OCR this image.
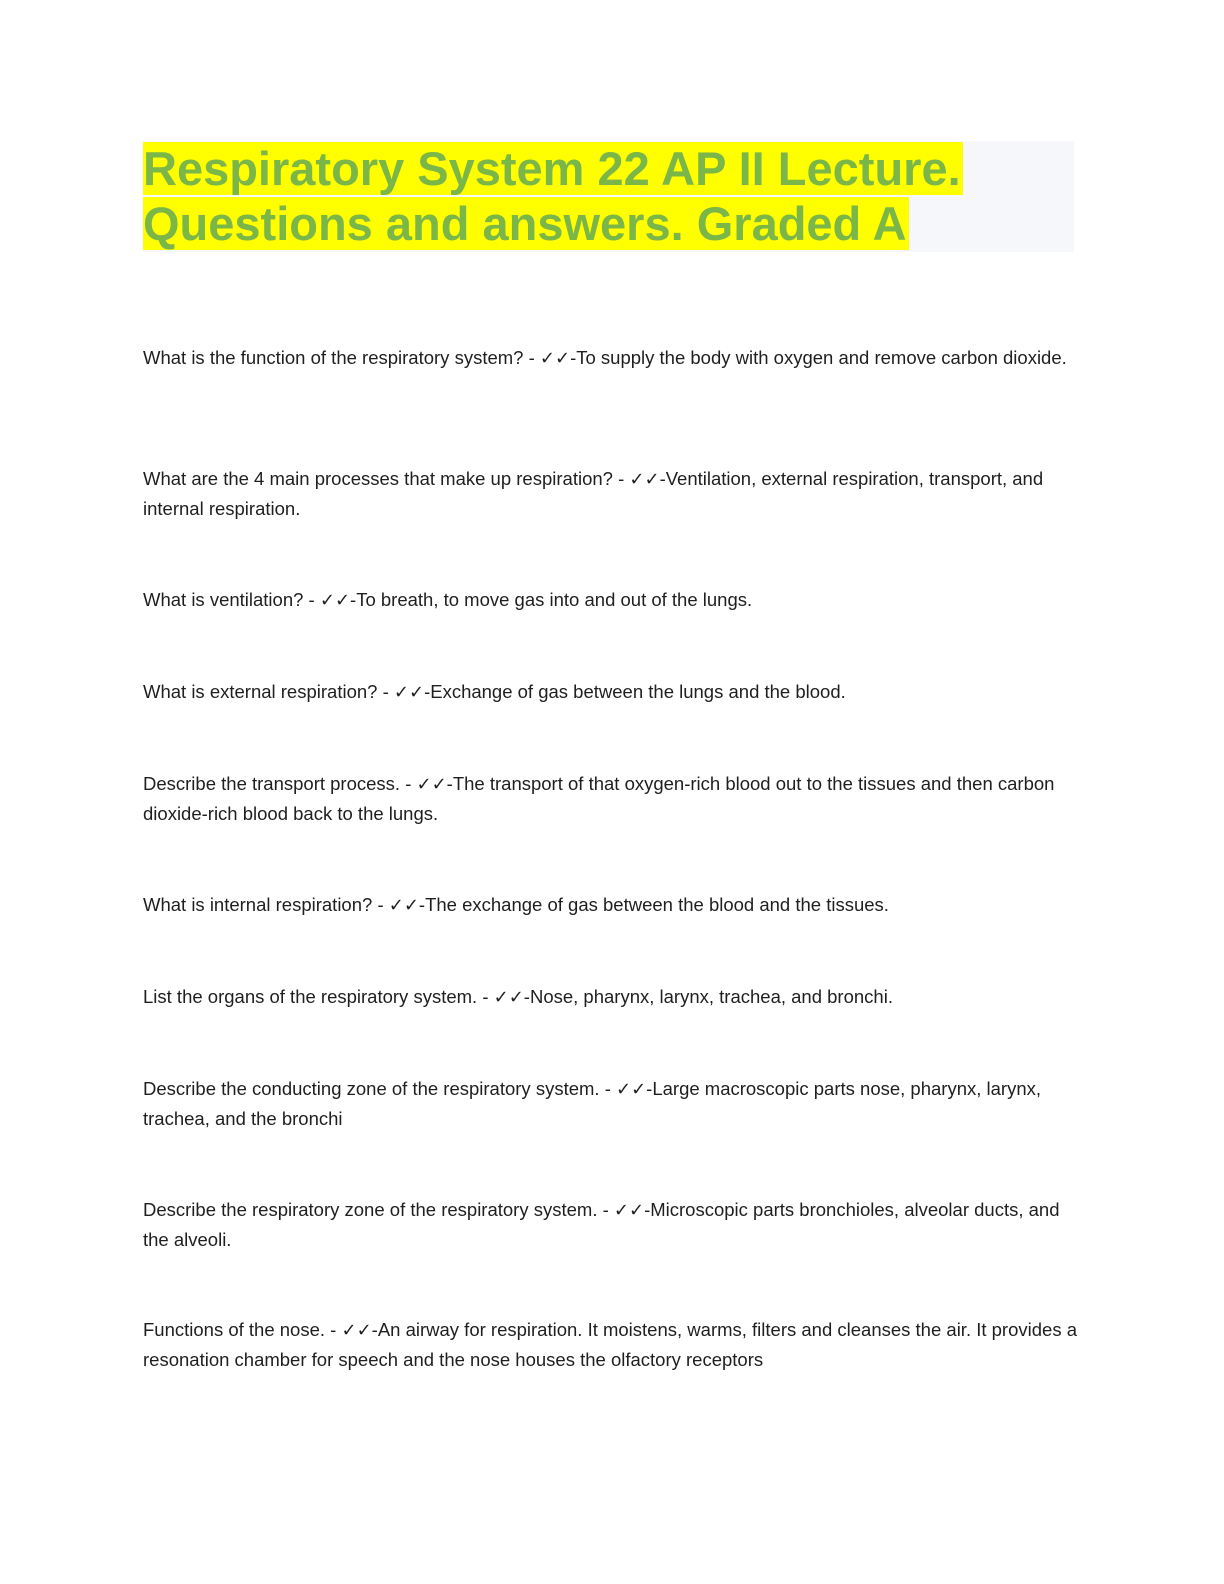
Respiratory System 22 AP II Lecture.
Questions and answers. Graded A

What is the function of the respiratory system? - ✓✓-To supply the body with oxygen and remove carbon dioxide.

What are the 4 main processes that make up respiration? - ✓✓-Ventilation, external respiration, transport, and internal respiration.

What is ventilation? - ✓✓-To breath, to move gas into and out of the lungs.

What is external respiration? - ✓✓-Exchange of gas between the lungs and the blood.

Describe the transport process. - ✓✓-The transport of that oxygen-rich blood out to the tissues and then carbon dioxide-rich blood back to the lungs.

What is internal respiration? - ✓✓-The exchange of gas between the blood and the tissues.

List the organs of the respiratory system. - ✓✓-Nose, pharynx, larynx, trachea, and bronchi.

Describe the conducting zone of the respiratory system. - ✓✓-Large macroscopic parts nose, pharynx, larynx, trachea, and the bronchi

Describe the respiratory zone of the respiratory system. - ✓✓-Microscopic parts bronchioles, alveolar ducts, and the alveoli.

Functions of the nose. - ✓✓-An airway for respiration. It moistens, warms, filters and cleanses the air. It provides a resonation chamber for speech and the nose houses the olfactory receptors
